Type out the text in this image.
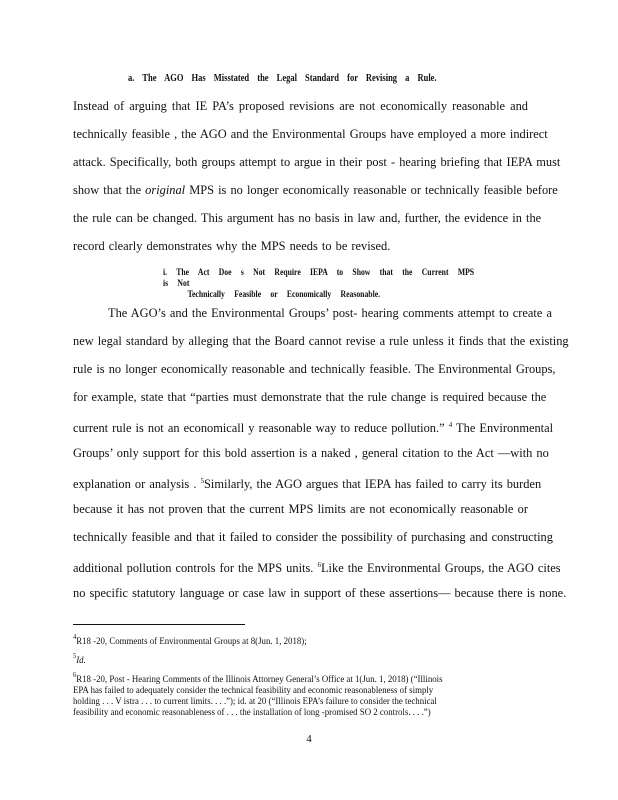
a. The AGO Has Misstated the Legal Standard for Revising a Rule.
Instead of arguing that IE PA’s proposed revisions are not economically reasonable and
technically feasible , the AGO and the Environmental Groups have employed a more indirect
attack. Specifically, both groups attempt to argue in their post - hearing briefing that IEPA must
show that the original MPS is no longer economically reasonable or technically feasible before
the rule can be changed. This argument has no basis in law and, further, the evidence in the
record clearly demonstrates why the MPS needs to be revised.
i. The Act Doe s Not Require IEPA to Show that the Current MPS is Not
Technically Feasible or Economically Reasonable.
The AGO’s and the Environmental Groups’ post- hearing comments attempt to create a
new legal standard by alleging that the Board cannot revise a rule unless it finds that the existing
rule is no longer economically reasonable and technically feasible. The Environmental Groups,
for example, state that “parties must demonstrate that the rule change is required because the
current rule is not an economicall y reasonable way to reduce pollution.” $^4$ The Environmental
Groups’ only support for this bold assertion is a naked , general citation to the Act —with no
explanation or analysis . $^5$Similarly, the AGO argues that IEPA has failed to carry its burden
because it has not proven that the current MPS limits are not economically reasonable or
technically feasible and that it failed to consider the possibility of purchasing and constructing
additional pollution controls for the MPS units. $^6$Like the Environmental Groups, the AGO cites
no specific statutory language or case law in support of these assertions— because there is none.
$^4$R18 -20, Comments of Environmental Groups at 8(Jun. 1, 2018);
$^5$Id.
$^6$R18 -20, Post - Hearing Comments of the Illinois Attorney General’s Office at 1(Jun. 1, 2018) (“Illinois
EPA has failed to adequately consider the technical feasibility and economic reasonableness of simply
holding . . . V istra . . . to current limits. . . .”); id. at 20 (“Illinois EPA’s failure to consider the technical
feasibility and economic reasonableness of . . . the installation of long -promised SO 2 controls. . . .”)
4
